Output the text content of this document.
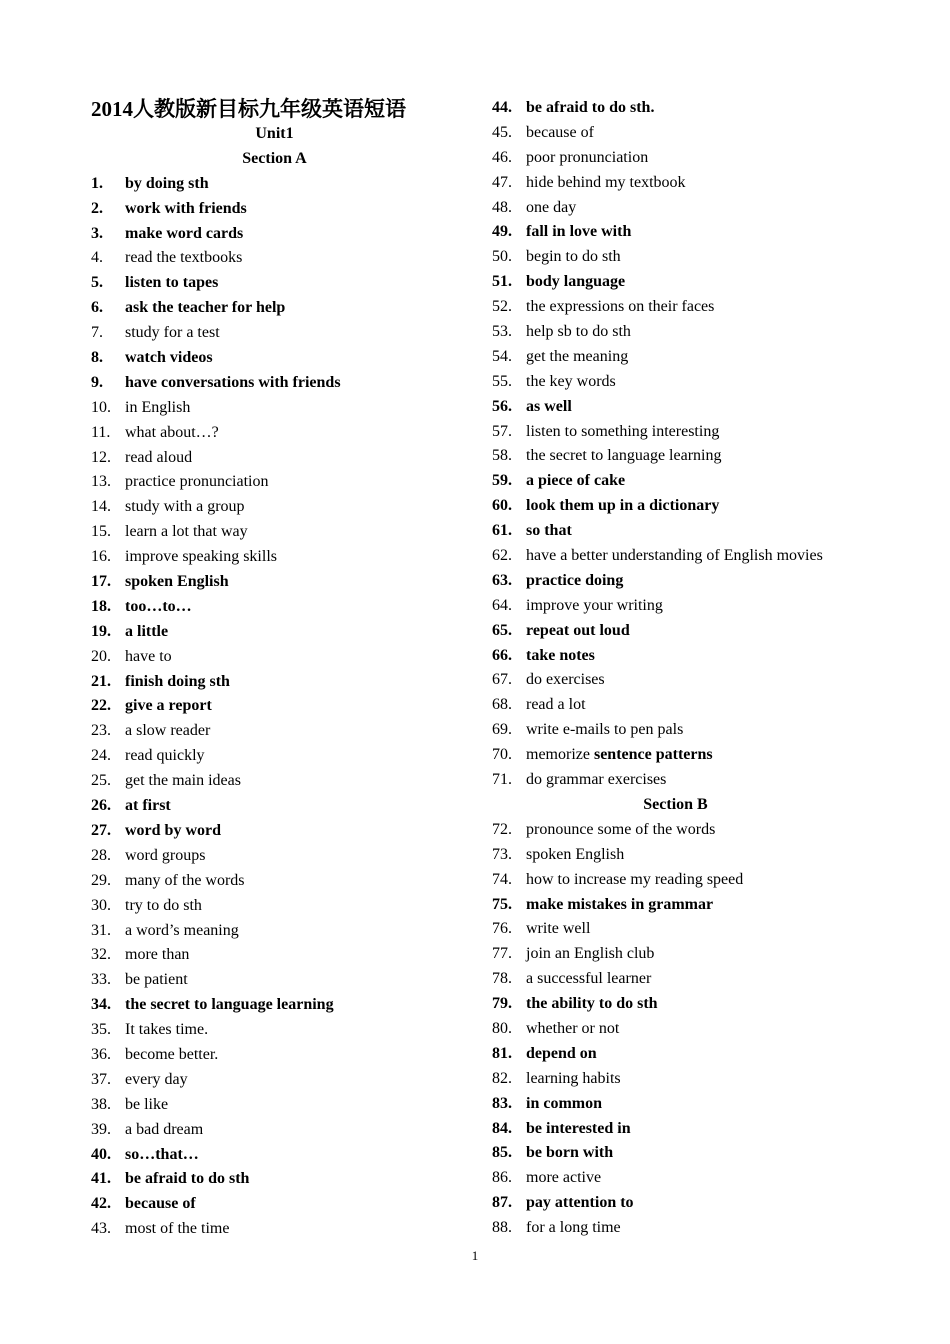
2014人教版新目标九年级英语短语
Unit1
Section A
1.	by doing sth
2.	work with friends
3.	make word cards
4.	read the textbooks
5.	listen to tapes
6.	ask the teacher for help
7.	study for a test
8.	watch videos
9.	have conversations with friends
10. in English
11. what about…?
12. read aloud
13. practice pronunciation
14. study with a group
15. learn a lot that way
16. improve speaking skills
17. spoken English
18. too…to…
19. a little
20. have to
21. finish doing sth
22. give a report
23. a slow reader
24. read quickly
25. get the main ideas
26. at first
27. word by word
28. word groups
29. many of the words
30. try to do sth
31. a word’s meaning
32. more than
33. be patient
34. the secret to language learning
35. It takes time.
36. become better.
37. every day
38. be like
39. a bad dream
40. so…that…
41. be afraid to do sth
42. because of
43. most of the time
44. be afraid to do sth.
45. because of
46. poor pronunciation
47. hide behind my textbook
48. one day
49. fall in love with
50. begin to do sth
51. body language
52. the expressions on their faces
53. help sb to do sth
54. get the meaning
55. the key words
56. as well
57. listen to something interesting
58. the secret to language learning
59. a piece of cake
60. look them up in a dictionary
61. so that
62. have a better understanding of English movies
63. practice doing
64. improve your writing
65. repeat out loud
66. take notes
67. do exercises
68. read a lot
69. write e-mails to pen pals
70. memorize sentence patterns
71. do grammar exercises
Section B
72. pronounce some of the words
73. spoken English
74. how to increase my reading speed
75. make mistakes in grammar
76. write well
77. join an English club
78. a successful learner
79. the ability to do sth
80. whether or not
81. depend on
82. learning habits
83. in common
84. be interested in
85. be born with
86. more active
87. pay attention to
88. for a long time
1
